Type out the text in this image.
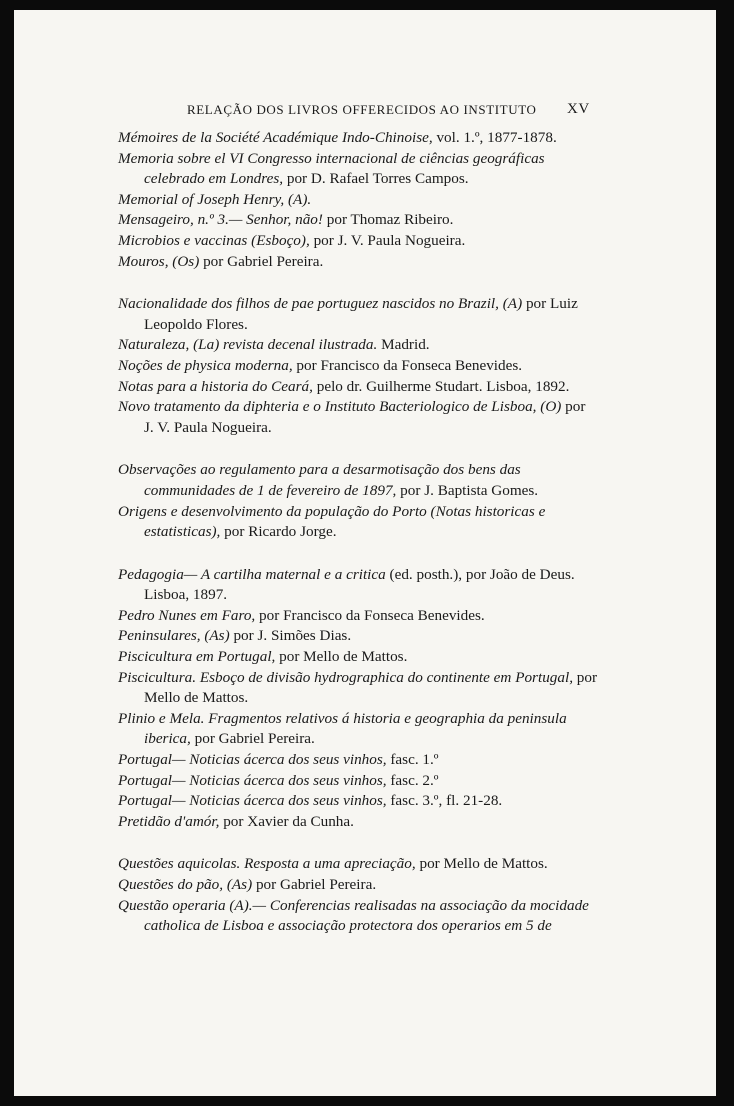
RELAÇÃO DOS LIVROS OFFERECIDOS AO INSTITUTO XV

Mémoires de la Société Académique Indo-Chinoise, vol. 1.º, 1877-1878.

Memoria sobre el VI Congresso internacional de ciências geográficas celebrado em Londres, por D. Rafael Torres Campos.

Memorial of Joseph Henry, (A).

Mensageiro, n.º 3.— Senhor, não! por Thomaz Ribeiro.

Microbios e vaccinas (Esboço), por J. V. Paula Nogueira.

Mouros, (Os) por Gabriel Pereira.

Nacionalidade dos filhos de pae portuguez nascidos no Brazil, (A) por Luiz Leopoldo Flores.

Naturaleza, (La) revista decenal ilustrada. Madrid.

Noções de physica moderna, por Francisco da Fonseca Benevides.

Notas para a historia do Ceará, pelo dr. Guilherme Studart. Lisboa, 1892.

Novo tratamento da diphteria e o Instituto Bacteriologico de Lisboa, (O) por J. V. Paula Nogueira.

Observações ao regulamento para a desarmotisação dos bens das communidades de 1 de fevereiro de 1897, por J. Baptista Gomes.

Origens e desenvolvimento da população do Porto (Notas historicas e estatisticas), por Ricardo Jorge.

Pedagogia— A cartilha maternal e a critica (ed. posth.), por João de Deus. Lisboa, 1897.

Pedro Nunes em Faro, por Francisco da Fonseca Benevides.

Peninsulares, (As) por J. Simões Dias.

Piscicultura em Portugal, por Mello de Mattos.

Piscicultura. Esboço de divisão hydrographica do continente em Portugal, por Mello de Mattos.

Plinio e Mela. Fragmentos relativos á historia e geographia da peninsula iberica, por Gabriel Pereira.

Portugal— Noticias ácerca dos seus vinhos, fasc. 1.º

Portugal— Noticias ácerca dos seus vinhos, fasc. 2.º

Portugal— Noticias ácerca dos seus vinhos, fasc. 3.º, fl. 21-28.

Pretidão d'amór, por Xavier da Cunha.

Questões aquicolas. Resposta a uma apreciação, por Mello de Mattos.

Questões do pão, (As) por Gabriel Pereira.

Questão operaria (A).— Conferencias realisadas na associação da mocidade catholica de Lisboa e associação protectora dos operarios em 5 de
